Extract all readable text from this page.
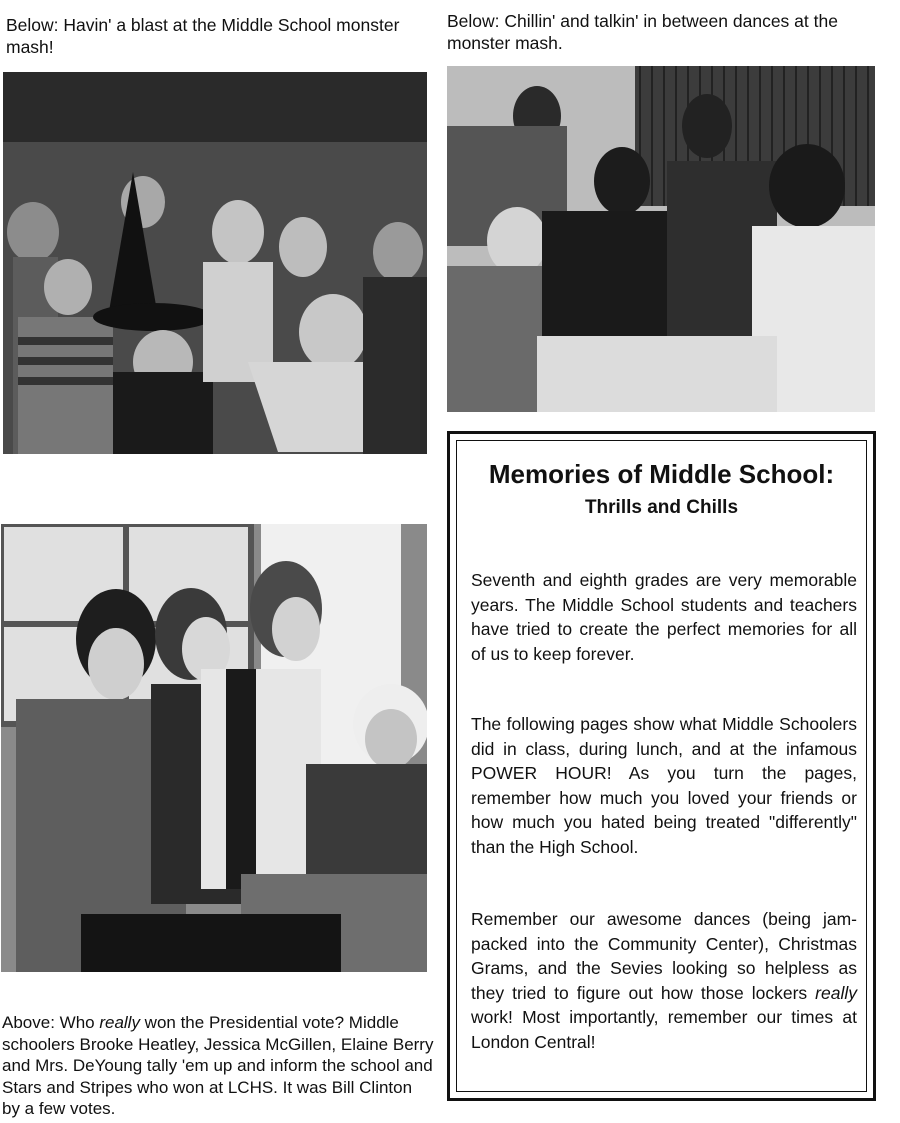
Below: Havin' a blast at the Middle School monster mash!
Below: Chillin' and talkin' in between dances at the monster mash.
Above: Who really won the Presidential vote? Middle schoolers Brooke Heatley, Jessica McGillen, Elaine Berry and Mrs. DeYoung tally 'em up and inform the school and Stars and Stripes who won at LCHS. It was Bill Clinton by a few votes.
Memories of Middle School:
Thrills and Chills
Seventh and eighth grades are very memorable years. The Middle School students and teachers have tried to create the perfect memories for all of us to keep forever.
The following pages show what Middle Schoolers did in class, during lunch, and at the infamous POWER HOUR! As you turn the pages, remember how much you loved your friends or how much you hated being treated "differently" than the High School.
Remember our awesome dances (being jam-packed into the Community Center), Christmas Grams, and the Sevies looking so helpless as they tried to figure out how those lockers really work! Most importantly, remember our times at London Central!
